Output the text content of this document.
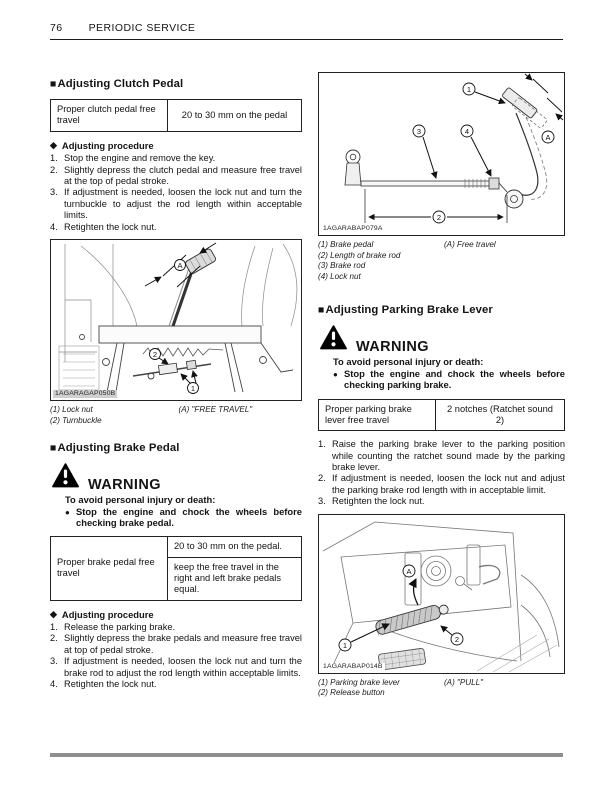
76 PERIODIC SERVICE
■Adjusting Clutch Pedal
Proper clutch pedal free travel	20 to 30 mm on the pedal
◆ Adjusting procedure
1. Stop the engine and remove the key.
2. Slightly depress the clutch pedal and measure free travel at the top of pedal stroke.
3. If adjustment is needed, loosen the lock nut and turn the turnbuckle to adjust the rod length within acceptable limits.
4. Retighten the lock nut.
A
2
1
1AGARAGAP050B
(1) Lock nut
(2) Turnbuckle
(A) "FREE TRAVEL"
■Adjusting Brake Pedal
WARNING
To avoid personal injury or death:
● Stop the engine and chock the wheels before checking brake pedal.
Proper brake pedal free travel	20 to 30 mm on the pedal.
keep the free travel in the right and left brake pedals equal.
◆ Adjusting procedure
1. Release the parking brake.
2. Slightly depress the brake pedals and measure free travel at top of pedal stroke.
3. If adjustment is needed, loosen the lock nut and turn the brake rod to adjust the rod length within acceptable limits.
4. Retighten the lock nut.
A
1
3	4
2
1AGARABAP079A
(1) Brake pedal
(2) Length of brake rod
(3) Brake rod
(4) Lock nut
(A) Free travel
■Adjusting Parking Brake Lever
WARNING
To avoid personal injury or death:
● Stop the engine and chock the wheels before checking parking brake.
Proper parking brake lever free travel	2 notches (Ratchet sound 2)
1. Raise the parking brake lever to the parking position while counting the ratchet sound made by the parking brake lever.
2. If adjustment is needed, loosen the lock nut and adjust the parking brake rod length with in acceptable limit.
3. Retighten the lock nut.
A
1
2
1AGARABAP014B
(1) Parking brake lever
(2) Release button
(A) "PULL"
